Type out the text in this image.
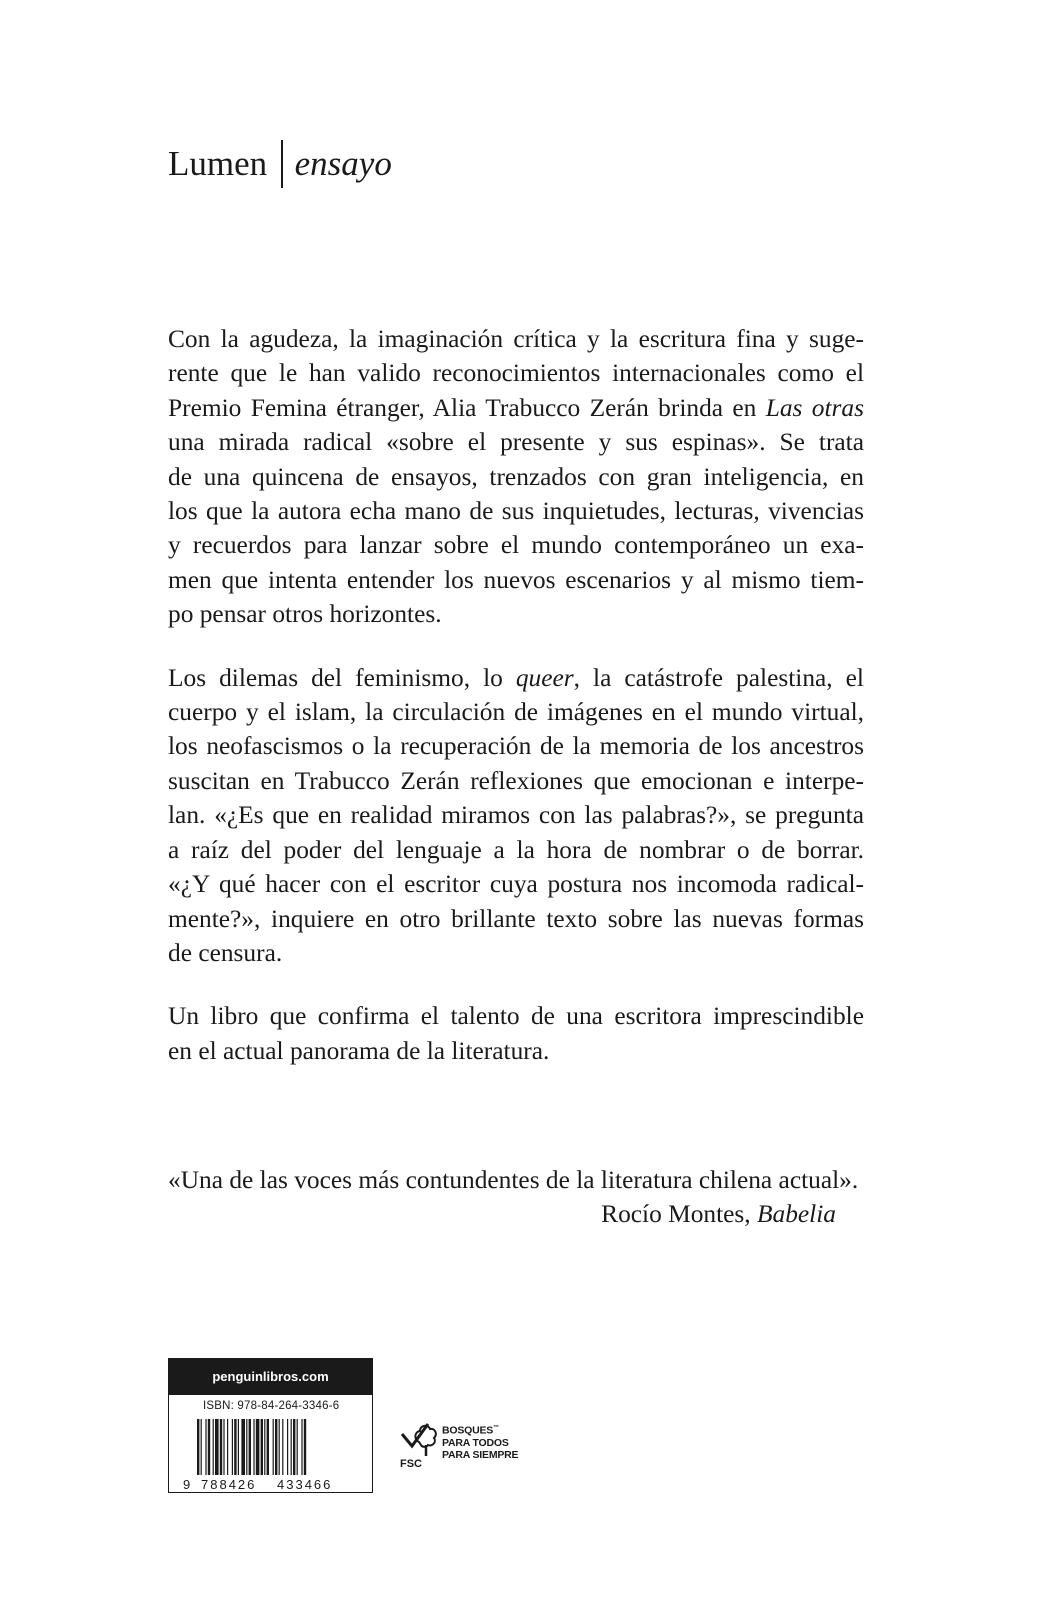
Lumen ensayo

Con la agudeza, la imaginación crítica y la escritura fina y suge-
rente que le han valido reconocimientos internacionales como el
Premio Femina étranger, Alia Trabucco Zerán brinda en Las otras
una mirada radical «sobre el presente y sus espinas». Se trata
de una quincena de ensayos, trenzados con gran inteligencia, en
los que la autora echa mano de sus inquietudes, lecturas, vivencias
y recuerdos para lanzar sobre el mundo contemporáneo un exa-
men que intenta entender los nuevos escenarios y al mismo tiem-
po pensar otros horizontes.

Los dilemas del feminismo, lo queer, la catástrofe palestina, el
cuerpo y el islam, la circulación de imágenes en el mundo virtual,
los neofascismos o la recuperación de la memoria de los ancestros
suscitan en Trabucco Zerán reflexiones que emocionan e interpe-
lan. «¿Es que en realidad miramos con las palabras?», se pregunta
a raíz del poder del lenguaje a la hora de nombrar o de borrar.
«¿Y qué hacer con el escritor cuya postura nos incomoda radical-
mente?», inquiere en otro brillante texto sobre las nuevas formas
de censura.

Un libro que confirma el talento de una escritora imprescindible
en el actual panorama de la literatura.

«Una de las voces más contundentes de la literatura chilena actual».
Rocío Montes, Babelia
penguinlibros.com
ISBN: 978-84-264-3346-6
9 788426 433466
BOSQUES™
PARA TODOS
PARA SIEMPRE
FSC
